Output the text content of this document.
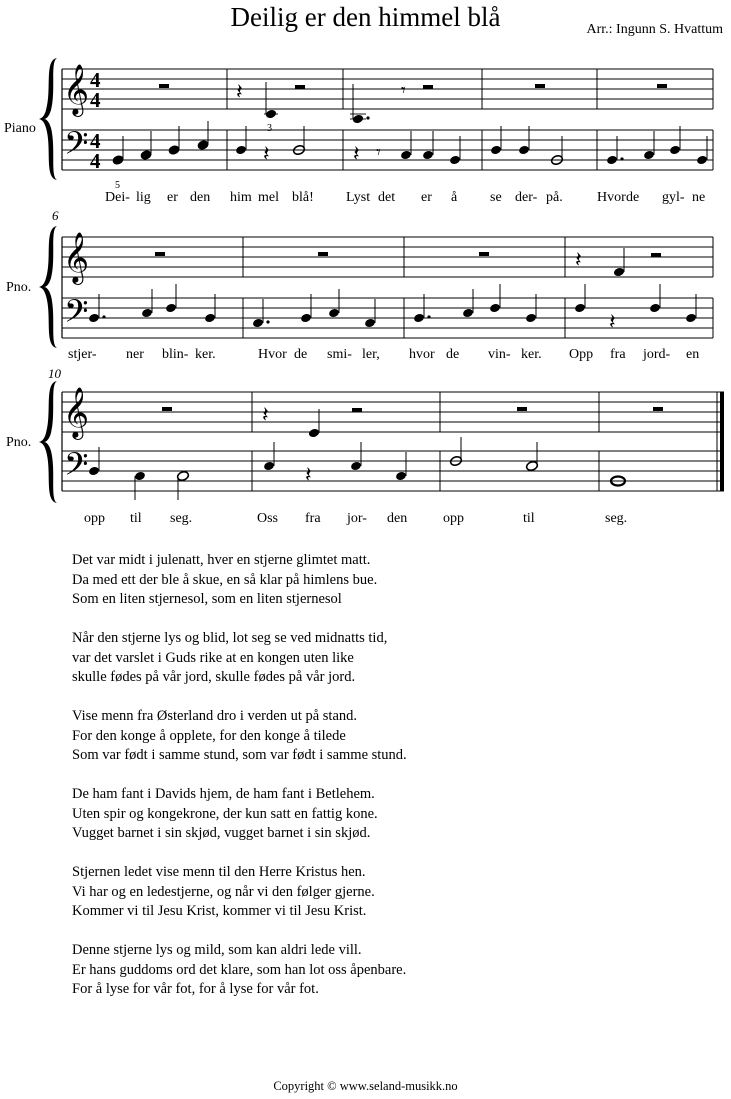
Deilig er den himmel blå	Arr.: Ingunn S. Hvattum
Piano
𝄞
𝄢
4
4
4
4
𝄽
3
𝄾
5
𝄽	𝄽 𝄾
Dei- lig er den him mel blå! Lyst det er å se der- på. Hvor de gyl- ne
6
Pno.
𝄞
𝄢
𝄽
𝄽
stjer- ner blin- ker.	Hvor de smi- ler, hvor de vin- ker. Opp fra jord- en
10
Pno.
𝄞
𝄢
𝄽
𝄽
opp til seg.	Oss fra jor- den	opp	til	seg.
Det var midt i julenatt, hver en stjerne glimtet matt.
Da med ett der ble å skue, en så klar på himlens bue.
Som en liten stjernesol, som en liten stjernesol
Når den stjerne lys og blid, lot seg se ved midnatts tid,
var det varslet i Guds rike at en kongen uten like
skulle fødes på vår jord, skulle fødes på vår jord.
Vise menn fra Østerland dro i verden ut på stand.
For den konge å opplete, for den konge å tilede
Som var født i samme stund, som var født i samme stund.
De ham fant i Davids hjem, de ham fant i Betlehem.
Uten spir og kongekrone, der kun satt en fattig kone.
Vugget barnet i sin skjød, vugget barnet i sin skjød.
Stjernen ledet vise menn til den Herre Kristus hen.
Vi har og en ledestjerne, og når vi den følger gjerne.
Kommer vi til Jesu Krist, kommer vi til Jesu Krist.
Denne stjerne lys og mild, som kan aldri lede vill.
Er hans guddoms ord det klare, som han lot oss åpenbare.
For å lyse for vår fot, for å lyse for vår fot.
Copyright © www.seland-musikk.no
